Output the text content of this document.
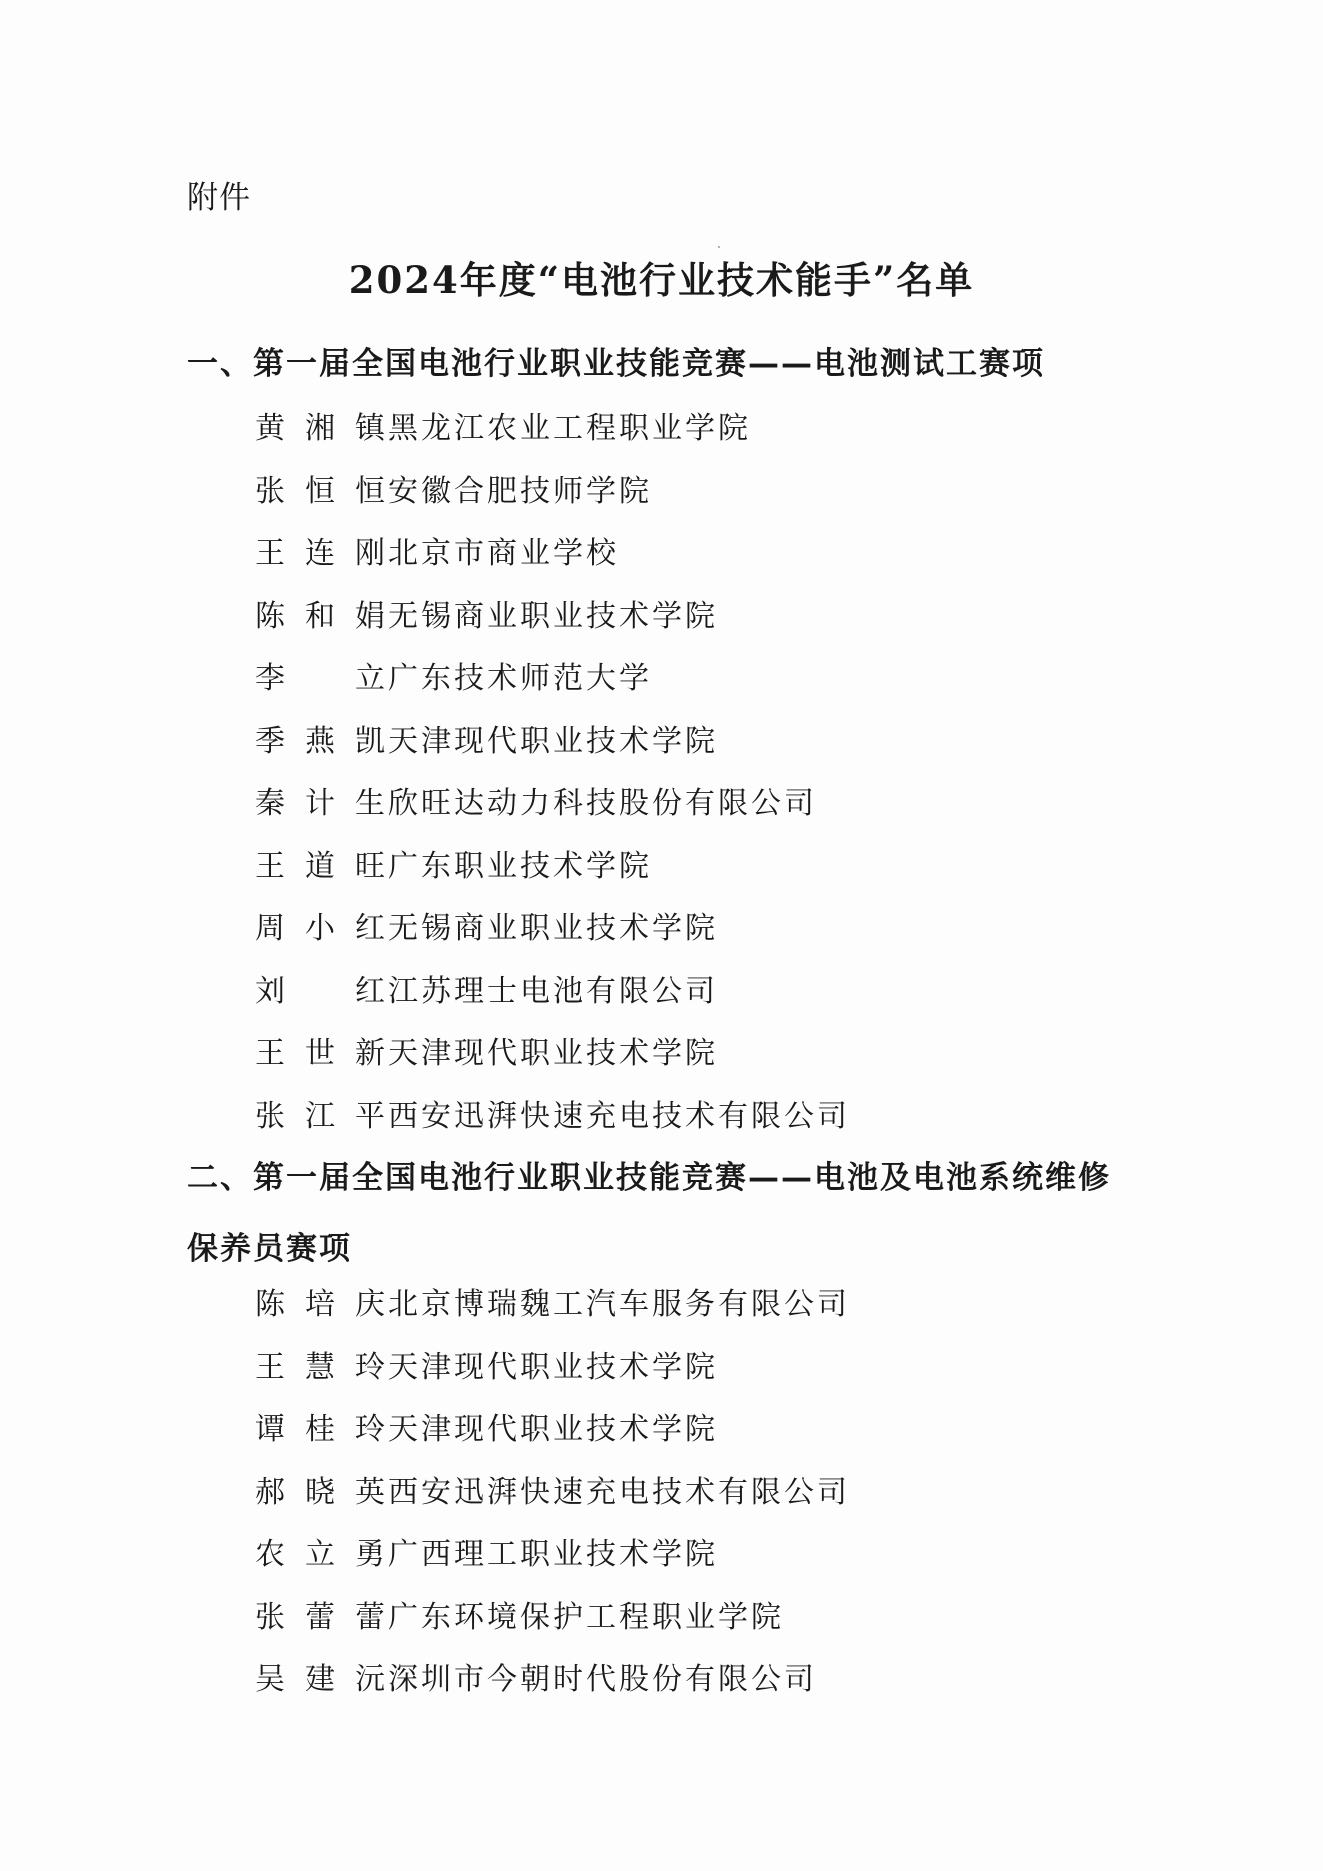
附件
2024年度“电池行业技术能手”名单
一、第一届全国电池行业职业技能竞赛——电池测试工赛项
黄湘镇 黑龙江农业工程职业学院
张恒恒 安徽合肥技师学院
王连刚 北京市商业学校
陈和娟 无锡商业职业技术学院
李 立 广东技术师范大学
季燕凯 天津现代职业技术学院
秦计生 欣旺达动力科技股份有限公司
王道旺 广东职业技术学院
周小红 无锡商业职业技术学院
刘 红 江苏理士电池有限公司
王世新 天津现代职业技术学院
张江平 西安迅湃快速充电技术有限公司
二、第一届全国电池行业职业技能竞赛——电池及电池系统维修
保养员赛项
陈培庆 北京博瑞魏工汽车服务有限公司
王慧玲 天津现代职业技术学院
谭桂玲 天津现代职业技术学院
郝晓英 西安迅湃快速充电技术有限公司
农立勇 广西理工职业技术学院
张蕾蕾 广东环境保护工程职业学院
吴建沅 深圳市今朝时代股份有限公司
